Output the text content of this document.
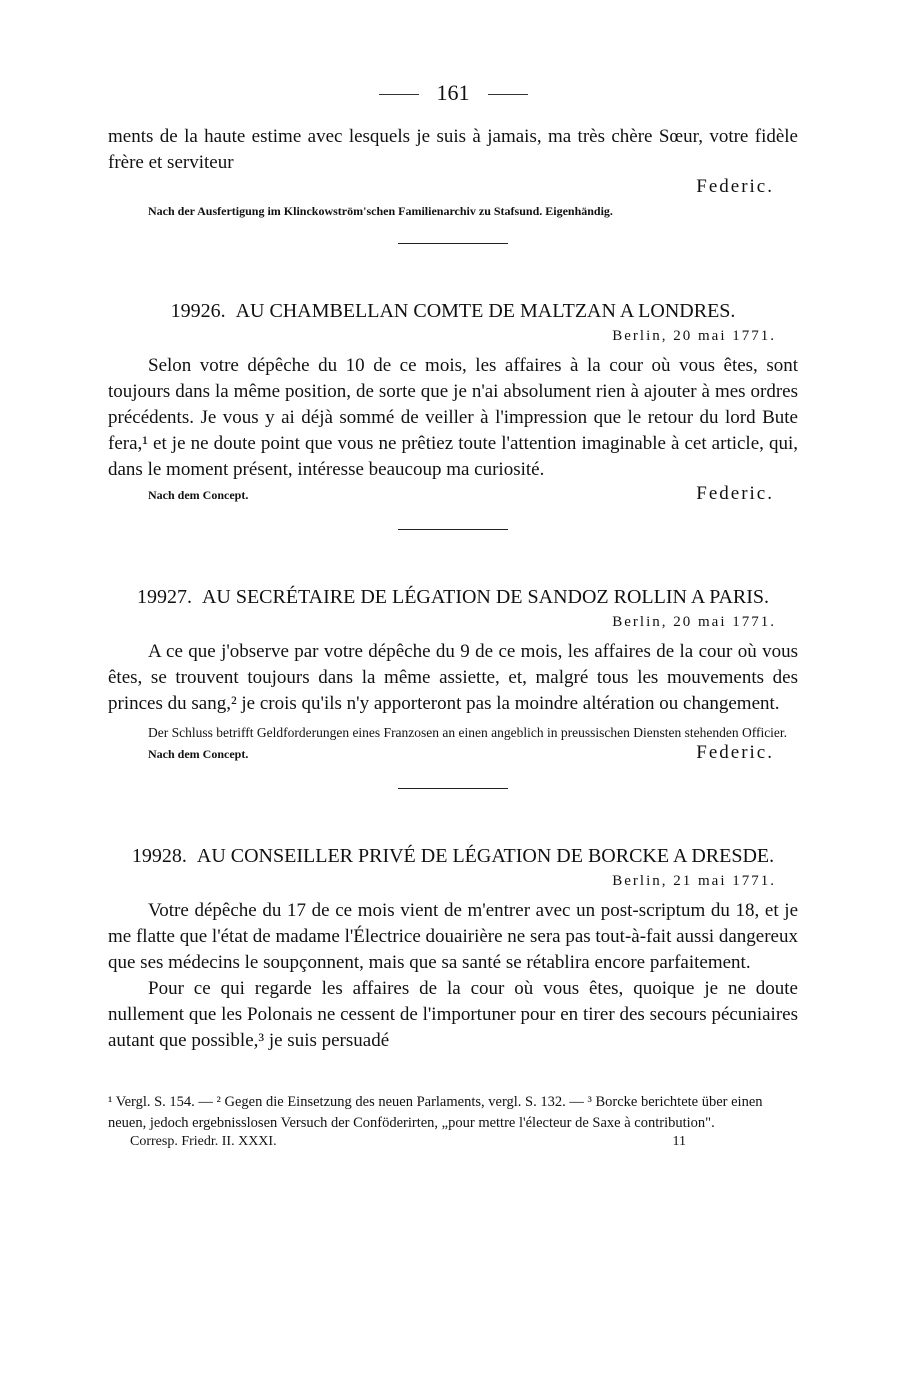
161

ments de la haute estime avec lesquels je suis à jamais, ma très chère Sœur, votre fidèle frère et serviteur

Federic.

Nach der Ausfertigung im Klinckowström'schen Familienarchiv zu Stafsund. Eigenhändig.

19926. AU CHAMBELLAN COMTE DE MALTZAN A LONDRES.
Berlin, 20 mai 1771.

Selon votre dépêche du 10 de ce mois, les affaires à la cour où vous êtes, sont toujours dans la même position, de sorte que je n'ai absolument rien à ajouter à mes ordres précédents. Je vous y ai déjà sommé de veiller à l'impression que le retour du lord Bute fera,¹ et je ne doute point que vous ne prêtiez toute l'attention imaginable à cet article, qui, dans le moment présent, intéresse beaucoup ma curiosité.

Nach dem Concept.	Federic.
19927. AU SECRÉTAIRE DE LÉGATION DE SANDOZ ROLLIN A PARIS.
Berlin, 20 mai 1771.

A ce que j'observe par votre dépêche du 9 de ce mois, les affaires de la cour où vous êtes, se trouvent toujours dans la même assiette, et, malgré tous les mouvements des princes du sang,² je crois qu'ils n'y apporteront pas la moindre altération ou changement.

Der Schluss betrifft Geldforderungen eines Franzosen an einen angeblich in preussischen Diensten stehenden Officier.

Nach dem Concept.	Federic.
19928. AU CONSEILLER PRIVÉ DE LÉGATION DE BORCKE A DRESDE.
Berlin, 21 mai 1771.

Votre dépêche du 17 de ce mois vient de m'entrer avec un post-scriptum du 18, et je me flatte que l'état de madame l'Électrice douairière ne sera pas tout-à-fait aussi dangereux que ses médecins le soupçonnent, mais que sa santé se rétablira encore parfaitement.

Pour ce qui regarde les affaires de la cour où vous êtes, quoique je ne doute nullement que les Polonais ne cessent de l'importuner pour en tirer des secours pécuniaires autant que possible,³ je suis persuadé

¹ Vergl. S. 154. — ² Gegen die Einsetzung des neuen Parlaments, vergl. S. 132. — ³ Borcke berichtete über einen neuen, jedoch ergebnisslosen Versuch der Conföderirten, „pour mettre l'électeur de Saxe à contribution".

Corresp. Friedr. II. XXXI.	11
